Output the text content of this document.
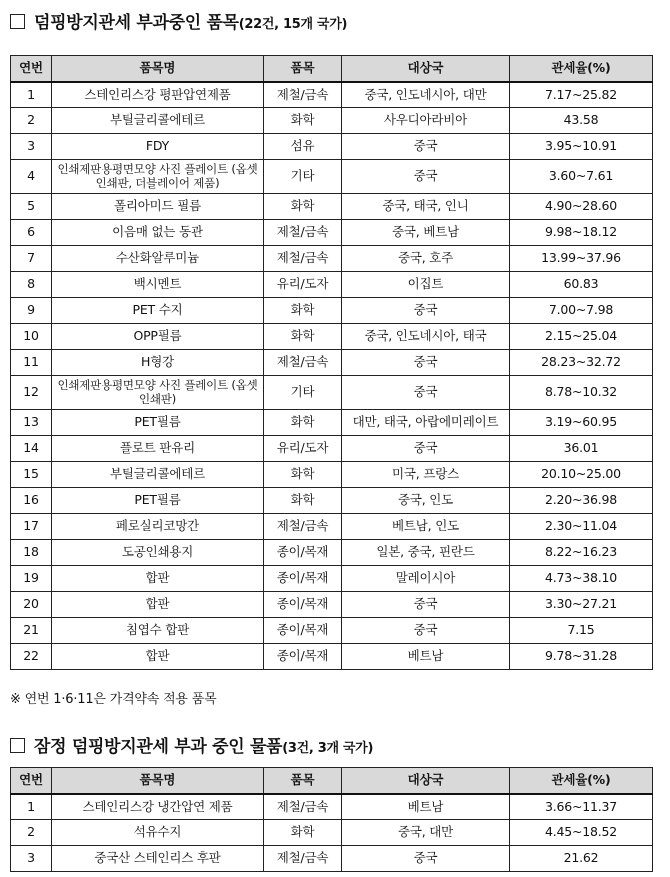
덤핑방지관세 부과중인 품목 (22건, 15개 국가)
연번	품목명	품목	대상국	관세율(%)
1	스테인리스강 평판압연제품	제철/금속	중국, 인도네시아, 대만	7.17~25.82
2	부틸글리콜에테르	화학	사우디아라비아	43.58
3	FDY	섬유	중국	3.95~10.91
4	인쇄제판용평면모양 사진 플레이트 (옵셋 인쇄판, 더블레이어 제품)	기타	중국	3.60~7.61
5	폴리아미드 필름	화학	중국, 태국, 인니	4.90~28.60
6	이음매 없는 동관	제철/금속	중국, 베트남	9.98~18.12
7	수산화알루미늄	제철/금속	중국, 호주	13.99~37.96
8	백시멘트	유리/도자	이집트	60.83
9	PET 수지	화학	중국	7.00~7.98
10	OPP필름	화학	중국, 인도네시아, 태국	2.15~25.04
11	H형강	제철/금속	중국	28.23~32.72
12	인쇄제판용평면모양 사진 플레이트 (옵셋 인쇄판)	기타	중국	8.78~10.32
13	PET필름	화학	대만, 태국, 아랍에미레이트	3.19~60.95
14	플로트 판유리	유리/도자	중국	36.01
15	부틸글리콜에테르	화학	미국, 프랑스	20.10~25.00
16	PET필름	화학	중국, 인도	2.20~36.98
17	페로실리코망간	제철/금속	베트남, 인도	2.30~11.04
18	도공인쇄용지	종이/목재	일본, 중국, 핀란드	8.22~16.23
19	합판	종이/목재	말레이시아	4.73~38.10
20	합판	종이/목재	중국	3.30~27.21
21	침엽수 합판	종이/목재	중국	7.15
22	합판	종이/목재	베트남	9.78~31.28
※ 연번 1·6·11은 가격약속 적용 품목
잠정 덤핑방지관세 부과 중인 물품 (3건, 3개 국가)
연번	품목명	품목	대상국	관세율(%)
1	스테인리스강 냉간압연 제품	제철/금속	베트남	3.66~11.37
2	석유수지	화학	중국, 대만	4.45~18.52
3	중국산 스테인리스 후판	제철/금속	중국	21.62
